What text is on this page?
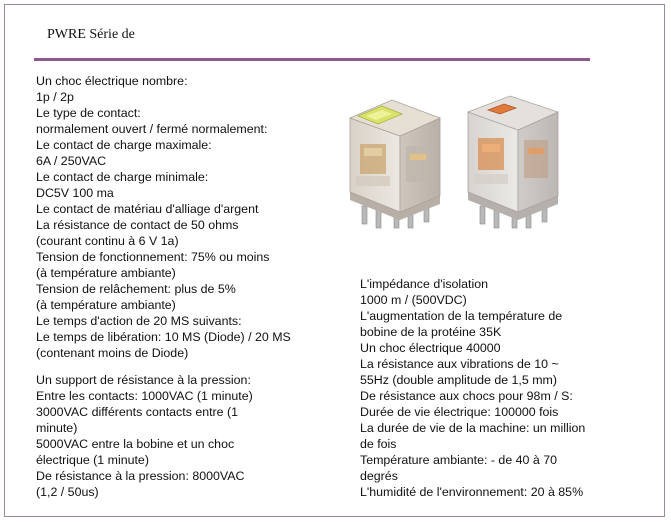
PWRE Série de
Un choc électrique nombre:
1p / 2p
Le type de contact:
normalement ouvert / fermé normalement:
Le contact de charge maximale:
6A / 250VAC
Le contact de charge minimale:
DC5V 100 ma
Le contact de matériau d'alliage d'argent
La résistance de contact de 50 ohms
(courant continu à 6 V 1a)
Tension de fonctionnement: 75% ou moins
(à température ambiante)
Tension de relâchement: plus de 5%
(à température ambiante)
Le temps d'action de 20 MS suivants:
Le temps de libération: 10 MS (Diode) / 20 MS
(contenant moins de Diode)
Un support de résistance à la pression:
Entre les contacts: 1000VAC (1 minute)
3000VAC différents contacts entre (1
minute)
5000VAC entre la bobine et un choc
électrique (1 minute)
De résistance à la pression: 8000VAC
(1,2 / 50us)
L'impédance d'isolation
1000 m / (500VDC)
L'augmentation de la température de
bobine de la protéine 35K
Un choc électrique 40000
La résistance aux vibrations de 10 ~
55Hz (double amplitude de 1,5 mm)
De résistance aux chocs pour 98m / S:
Durée de vie électrique: 100000 fois
La durée de vie de la machine: un million
de fois
Température ambiante: - de 40 à 70
degrés
L'humidité de l'environnement: 20 à 85%
